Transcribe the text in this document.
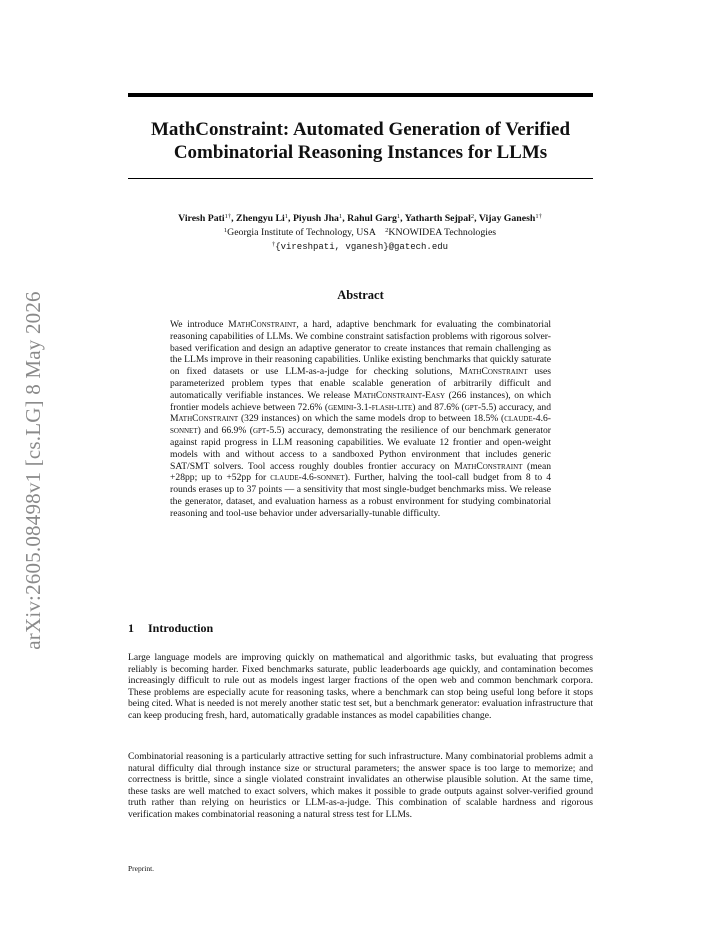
arXiv:2605.08498v1 [cs.LG] 8 May 2026
MathConstraint: Automated Generation of Verified
Combinatorial Reasoning Instances for LLMs
Viresh Pati$^{1\dagger}$, Zhengyu Li$^1$, Piyush Jha$^1$, Rahul Garg$^1$, Yatharth Sejpal$^2$, Vijay Ganesh$^{1\dagger}$
$^1$Georgia Institute of Technology, USA $^2$KNOWIDEA Technologies
†{vireshpati, vganesh}@gatech.edu
Abstract
We introduce MathConstraint, a hard, adaptive benchmark for evaluating the combinatorial reasoning capabilities of LLMs. We combine constraint satisfaction problems with rigorous solver-based verification and design an adaptive generator to create instances that remain challenging as the LLMs improve in their reasoning capabilities. Unlike existing benchmarks that quickly saturate on fixed datasets or use LLM-as-a-judge for checking solutions, MathConstraint uses parameterized problem types that enable scalable generation of arbitrarily difficult and automatically verifiable instances. We release MathConstraint-Easy (266 instances), on which frontier models achieve between 72.6% (gemini-3.1-flash-lite) and 87.6% (gpt-5.5) accuracy, and MathConstraint (329 instances) on which the same models drop to between 18.5% (claude-4.6-sonnet) and 66.9% (gpt-5.5) accuracy, demonstrating the resilience of our benchmark generator against rapid progress in LLM reasoning capabilities. We evaluate 12 frontier and open-weight models with and without access to a sandboxed Python environment that includes generic SAT/SMT solvers. Tool access roughly doubles frontier accuracy on MathConstraint (mean +28pp; up to +52pp for claude-4.6-sonnet). Further, halving the tool-call budget from 8 to 4 rounds erases up to 37 points — a sensitivity that most single-budget benchmarks miss. We release the generator, dataset, and evaluation harness as a robust environment for studying combinatorial reasoning and tool-use behavior under adversarially-tunable difficulty.
1 Introduction

Large language models are improving quickly on mathematical and algorithmic tasks, but evaluating that progress reliably is becoming harder. Fixed benchmarks saturate, public leaderboards age quickly, and contamination becomes increasingly difficult to rule out as models ingest larger fractions of the open web and common benchmark corpora. These problems are especially acute for reasoning tasks, where a benchmark can stop being useful long before it stops being cited. What is needed is not merely another static test set, but a benchmark generator: evaluation infrastructure that can keep producing fresh, hard, automatically gradable instances as model capabilities change.

Combinatorial reasoning is a particularly attractive setting for such infrastructure. Many combinatorial problems admit a natural difficulty dial through instance size or structural parameters; the answer space is too large to memorize; and correctness is brittle, since a single violated constraint invalidates an otherwise plausible solution. At the same time, these tasks are well matched to exact solvers, which makes it possible to grade outputs against solver-verified ground truth rather than relying on heuristics or LLM-as-a-judge. This combination of scalable hardness and rigorous verification makes combinatorial reasoning a natural stress test for LLMs.

Preprint.
